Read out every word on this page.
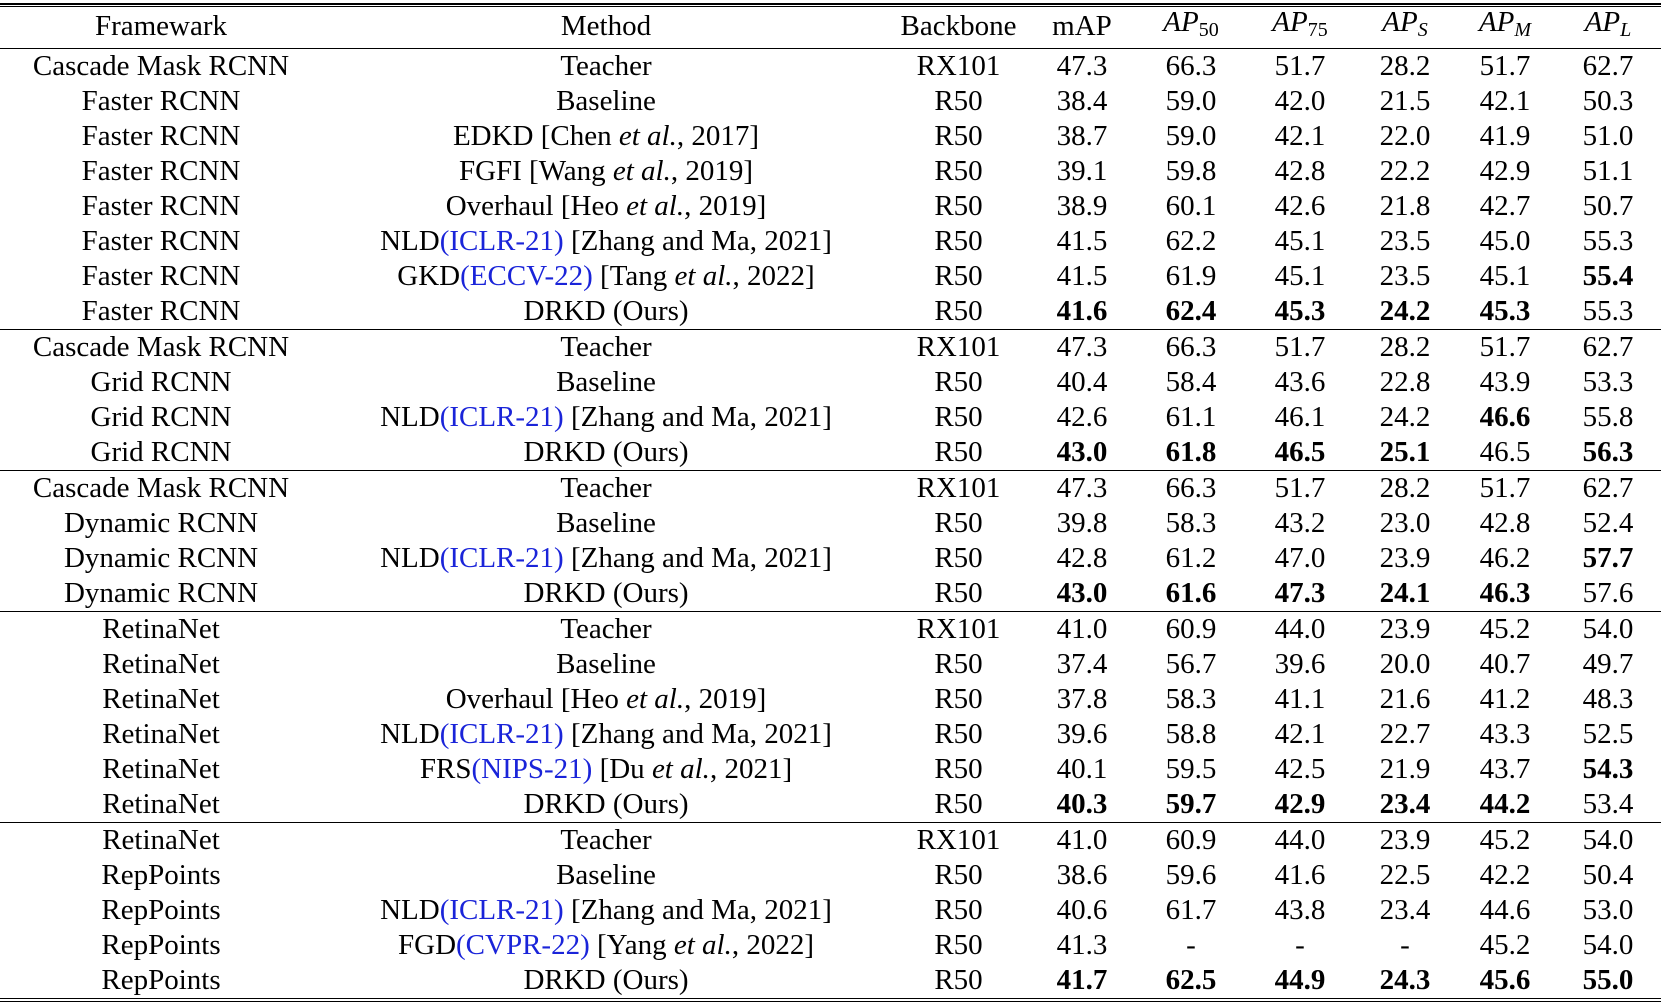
Framewark	Method	Backbone	mAP	$AP_{50}$	$AP_{75}$	$AP_S$	$AP_M$	$AP_L$
Cascade Mask RCNN	Teacher	RX101	47.3	66.3	51.7	28.2	51.7	62.7
Faster RCNN	Baseline	R50	38.4	59.0	42.0	21.5	42.1	50.3
Faster RCNN	EDKD [Chen et al., 2017]	R50	38.7	59.0	42.1	22.0	41.9	51.0
Faster RCNN	FGFI [Wang et al., 2019]	R50	39.1	59.8	42.8	22.2	42.9	51.1
Faster RCNN	Overhaul [Heo et al., 2019]	R50	38.9	60.1	42.6	21.8	42.7	50.7
Faster RCNN	NLD(ICLR-21) [Zhang and Ma, 2021]	R50	41.5	62.2	45.1	23.5	45.0	55.3
Faster RCNN	GKD(ECCV-22) [Tang et al., 2022]	R50	41.5	61.9	45.1	23.5	45.1	55.4
Faster RCNN	DRKD (Ours)	R50	41.6	62.4	45.3	24.2	45.3	55.3
Cascade Mask RCNN	Teacher	RX101	47.3	66.3	51.7	28.2	51.7	62.7
Grid RCNN	Baseline	R50	40.4	58.4	43.6	22.8	43.9	53.3
Grid RCNN	NLD(ICLR-21) [Zhang and Ma, 2021]	R50	42.6	61.1	46.1	24.2	46.6	55.8
Grid RCNN	DRKD (Ours)	R50	43.0	61.8	46.5	25.1	46.5	56.3
Cascade Mask RCNN	Teacher	RX101	47.3	66.3	51.7	28.2	51.7	62.7
Dynamic RCNN	Baseline	R50	39.8	58.3	43.2	23.0	42.8	52.4
Dynamic RCNN	NLD(ICLR-21) [Zhang and Ma, 2021]	R50	42.8	61.2	47.0	23.9	46.2	57.7
Dynamic RCNN	DRKD (Ours)	R50	43.0	61.6	47.3	24.1	46.3	57.6
RetinaNet	Teacher	RX101	41.0	60.9	44.0	23.9	45.2	54.0
RetinaNet	Baseline	R50	37.4	56.7	39.6	20.0	40.7	49.7
RetinaNet	Overhaul [Heo et al., 2019]	R50	37.8	58.3	41.1	21.6	41.2	48.3
RetinaNet	NLD(ICLR-21) [Zhang and Ma, 2021]	R50	39.6	58.8	42.1	22.7	43.3	52.5
RetinaNet	FRS(NIPS-21) [Du et al., 2021]	R50	40.1	59.5	42.5	21.9	43.7	54.3
RetinaNet	DRKD (Ours)	R50	40.3	59.7	42.9	23.4	44.2	53.4
RetinaNet	Teacher	RX101	41.0	60.9	44.0	23.9	45.2	54.0
RepPoints	Baseline	R50	38.6	59.6	41.6	22.5	42.2	50.4
RepPoints	NLD(ICLR-21) [Zhang and Ma, 2021]	R50	40.6	61.7	43.8	23.4	44.6	53.0
RepPoints	FGD(CVPR-22) [Yang et al., 2022]	R50	41.3	-	-	-	45.2	54.0
RepPoints	DRKD (Ours)	R50	41.7	62.5	44.9	24.3	45.6	55.0
